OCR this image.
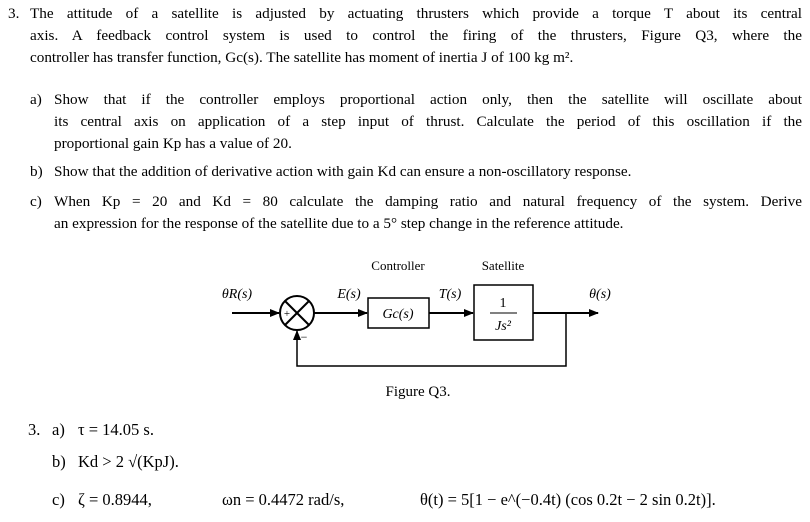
3. The attitude of a satellite is adjusted by actuating thrusters which provide a torque T about its central
axis. A feedback control system is used to control the firing of the thrusters, Figure Q3, where the
controller has transfer function, Gc(s). The satellite has moment of inertia J of 100 kg m².
a) Show that if the controller employs proportional action only, then the satellite will oscillate about
its central axis on application of a step input of thrust. Calculate the period of this oscillation if the
proportional gain Kp has a value of 20.
b) Show that the addition of derivative action with gain Kd can ensure a non-oscillatory response.
c) When Kp = 20 and Kd = 80 calculate the damping ratio and natural frequency of the system. Derive
an expression for the response of the satellite due to a 5° step change in the reference attitude.
Controller	Satellite
θR(s)	E(s)	T(s)	θ(s)
+
−
Gc(s)
1
Js²
Figure Q3.
3. a) τ = 14.05 s.
b) Kd > 2 √(KpJ).
c) ζ = 0.8944,	ωn = 0.4472 rad/s,	θ(t) = 5[1 − e^(−0.4t) (cos 0.2t − 2 sin 0.2t)].
